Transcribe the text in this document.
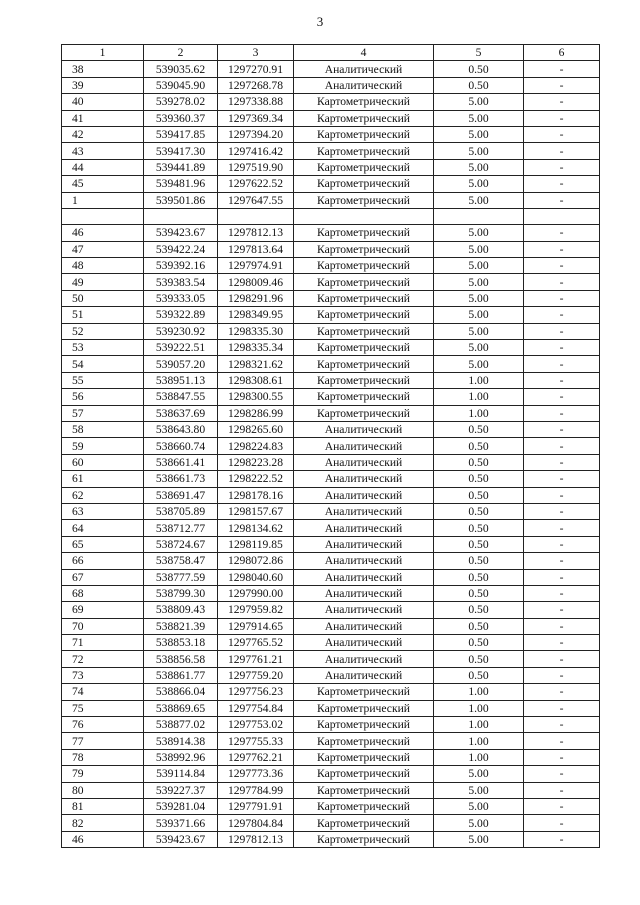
3
1	2	3	4	5	6
38	539035.62	1297270.91	Аналитический	0.50	-
39	539045.90	1297268.78	Аналитический	0.50	-
40	539278.02	1297338.88	Картометрический	5.00	-
41	539360.37	1297369.34	Картометрический	5.00	-
42	539417.85	1297394.20	Картометрический	5.00	-
43	539417.30	1297416.42	Картометрический	5.00	-
44	539441.89	1297519.90	Картометрический	5.00	-
45	539481.96	1297622.52	Картометрический	5.00	-
1	539501.86	1297647.55	Картометрический	5.00	-

46	539423.67	1297812.13	Картометрический	5.00	-
47	539422.24	1297813.64	Картометрический	5.00	-
48	539392.16	1297974.91	Картометрический	5.00	-
49	539383.54	1298009.46	Картометрический	5.00	-
50	539333.05	1298291.96	Картометрический	5.00	-
51	539322.89	1298349.95	Картометрический	5.00	-
52	539230.92	1298335.30	Картометрический	5.00	-
53	539222.51	1298335.34	Картометрический	5.00	-
54	539057.20	1298321.62	Картометрический	5.00	-
55	538951.13	1298308.61	Картометрический	1.00	-
56	538847.55	1298300.55	Картометрический	1.00	-
57	538637.69	1298286.99	Картометрический	1.00	-
58	538643.80	1298265.60	Аналитический	0.50	-
59	538660.74	1298224.83	Аналитический	0.50	-
60	538661.41	1298223.28	Аналитический	0.50	-
61	538661.73	1298222.52	Аналитический	0.50	-
62	538691.47	1298178.16	Аналитический	0.50	-
63	538705.89	1298157.67	Аналитический	0.50	-
64	538712.77	1298134.62	Аналитический	0.50	-
65	538724.67	1298119.85	Аналитический	0.50	-
66	538758.47	1298072.86	Аналитический	0.50	-
67	538777.59	1298040.60	Аналитический	0.50	-
68	538799.30	1297990.00	Аналитический	0.50	-
69	538809.43	1297959.82	Аналитический	0.50	-
70	538821.39	1297914.65	Аналитический	0.50	-
71	538853.18	1297765.52	Аналитический	0.50	-
72	538856.58	1297761.21	Аналитический	0.50	-
73	538861.77	1297759.20	Аналитический	0.50	-
74	538866.04	1297756.23	Картометрический	1.00	-
75	538869.65	1297754.84	Картометрический	1.00	-
76	538877.02	1297753.02	Картометрический	1.00	-
77	538914.38	1297755.33	Картометрический	1.00	-
78	538992.96	1297762.21	Картометрический	1.00	-
79	539114.84	1297773.36	Картометрический	5.00	-
80	539227.37	1297784.99	Картометрический	5.00	-
81	539281.04	1297791.91	Картометрический	5.00	-
82	539371.66	1297804.84	Картометрический	5.00	-
46	539423.67	1297812.13	Картометрический	5.00	-
